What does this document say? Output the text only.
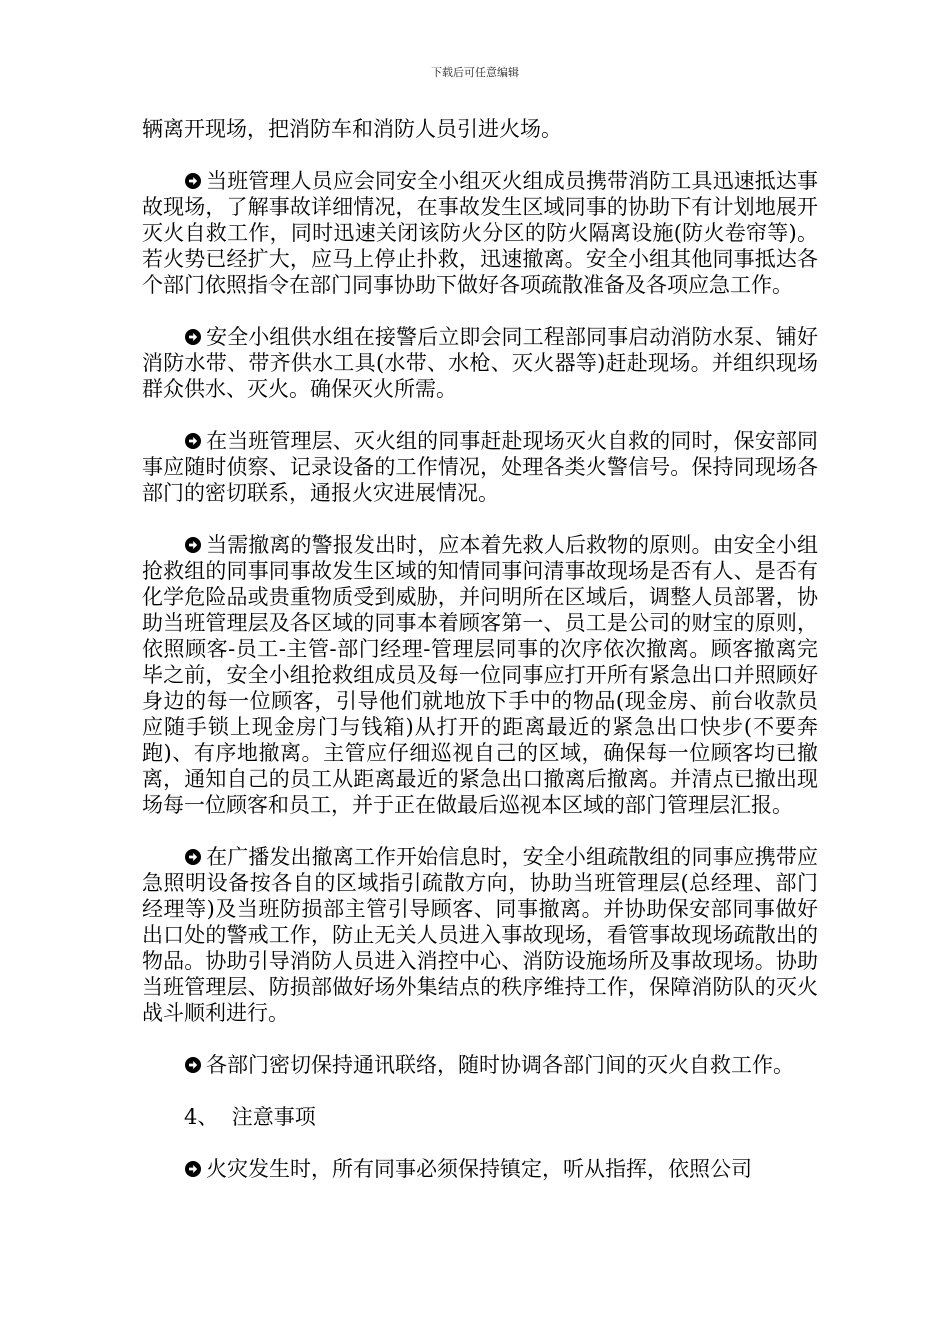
下载后可任意编辑

辆离开现场，把消防车和消防人员引进火场。

当班管理人员应会同安全小组灭火组成员携带消防工具迅速抵达事故现场，了解事故详细情况，在事故发生区域同事的协助下有计划地展开灭火自救工作，同时迅速关闭该防火分区的防火隔离设施(防火卷帘等)。若火势已经扩大，应马上停止扑救，迅速撤离。安全小组其他同事抵达各个部门依照指令在部门同事协助下做好各项疏散准备及各项应急工作。

安全小组供水组在接警后立即会同工程部同事启动消防水泵、铺好消防水带、带齐供水工具(水带、水枪、灭火器等)赶赴现场。并组织现场群众供水、灭火。确保灭火所需。

在当班管理层、灭火组的同事赶赴现场灭火自救的同时，保安部同事应随时侦察、记录设备的工作情况，处理各类火警信号。保持同现场各部门的密切联系，通报火灾进展情况。

当需撤离的警报发出时，应本着先救人后救物的原则。由安全小组抢救组的同事同事故发生区域的知情同事问清事故现场是否有人、是否有化学危险品或贵重物质受到威胁，并问明所在区域后，调整人员部署，协助当班管理层及各区域的同事本着顾客第一、员工是公司的财宝的原则，依照顾客-员工-主管-部门经理-管理层同事的次序依次撤离。顾客撤离完毕之前，安全小组抢救组成员及每一位同事应打开所有紧急出口并照顾好身边的每一位顾客，引导他们就地放下手中的物品(现金房、前台收款员应随手锁上现金房门与钱箱)从打开的距离最近的紧急出口快步(不要奔跑)、有序地撤离。主管应仔细巡视自己的区域，确保每一位顾客均已撤离，通知自己的员工从距离最近的紧急出口撤离后撤离。并清点已撤出现场每一位顾客和员工，并于正在做最后巡视本区域的部门管理层汇报。

在广播发出撤离工作开始信息时，安全小组疏散组的同事应携带应急照明设备按各自的区域指引疏散方向，协助当班管理层(总经理、部门经理等)及当班防损部主管引导顾客、同事撤离。并协助保安部同事做好出口处的警戒工作，防止无关人员进入事故现场，看管事故现场疏散出的物品。协助引导消防人员进入消控中心、消防设施场所及事故现场。协助当班管理层、防损部做好场外集结点的秩序维持工作，保障消防队的灭火战斗顺利进行。

各部门密切保持通讯联络，随时协调各部门间的灭火自救工作。

4、 注意事项

火灾发生时，所有同事必须保持镇定，听从指挥，依照公司
